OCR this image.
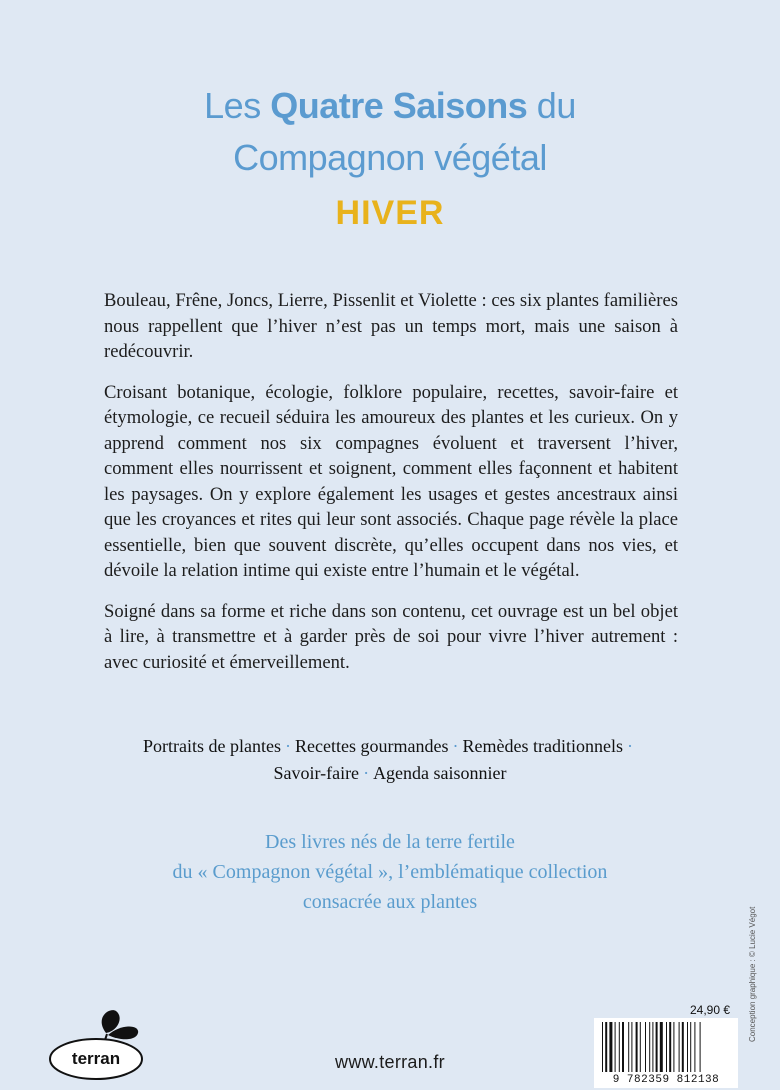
Les Quatre Saisons du
Compagnon végétal
HIVER

Bouleau, Frêne, Joncs, Lierre, Pissenlit et Violette : ces six plantes familières nous rappellent que l’hiver n’est pas un temps mort, mais une saison à redécouvrir.

Croisant botanique, écologie, folklore populaire, recettes, savoir-faire et étymologie, ce recueil séduira les amoureux des plantes et les curieux. On y apprend comment nos six compagnes évoluent et traversent l’hiver, comment elles nourrissent et soignent, comment elles façonnent et habitent les paysages. On y explore également les usages et gestes ancestraux ainsi que les croyances et rites qui leur sont associés. Chaque page révèle la place essentielle, bien que souvent discrète, qu’elles occupent dans nos vies, et dévoile la relation intime qui existe entre l’humain et le végétal.

Soigné dans sa forme et riche dans son contenu, cet ouvrage est un bel objet à lire, à transmettre et à garder près de soi pour vivre l’hiver autrement : avec curiosité et émerveillement.

Portraits de plantes · Recettes gourmandes · Remèdes traditionnels ·
Savoir-faire · Agenda saisonnier
Des livres nés de la terre fertile
du « Compagnon végétal », l’emblématique collection
consacrée aux plantes
Conception graphique : © Lucie Végot
terran	www.terran.fr
24,90 €
9 782359 812138
